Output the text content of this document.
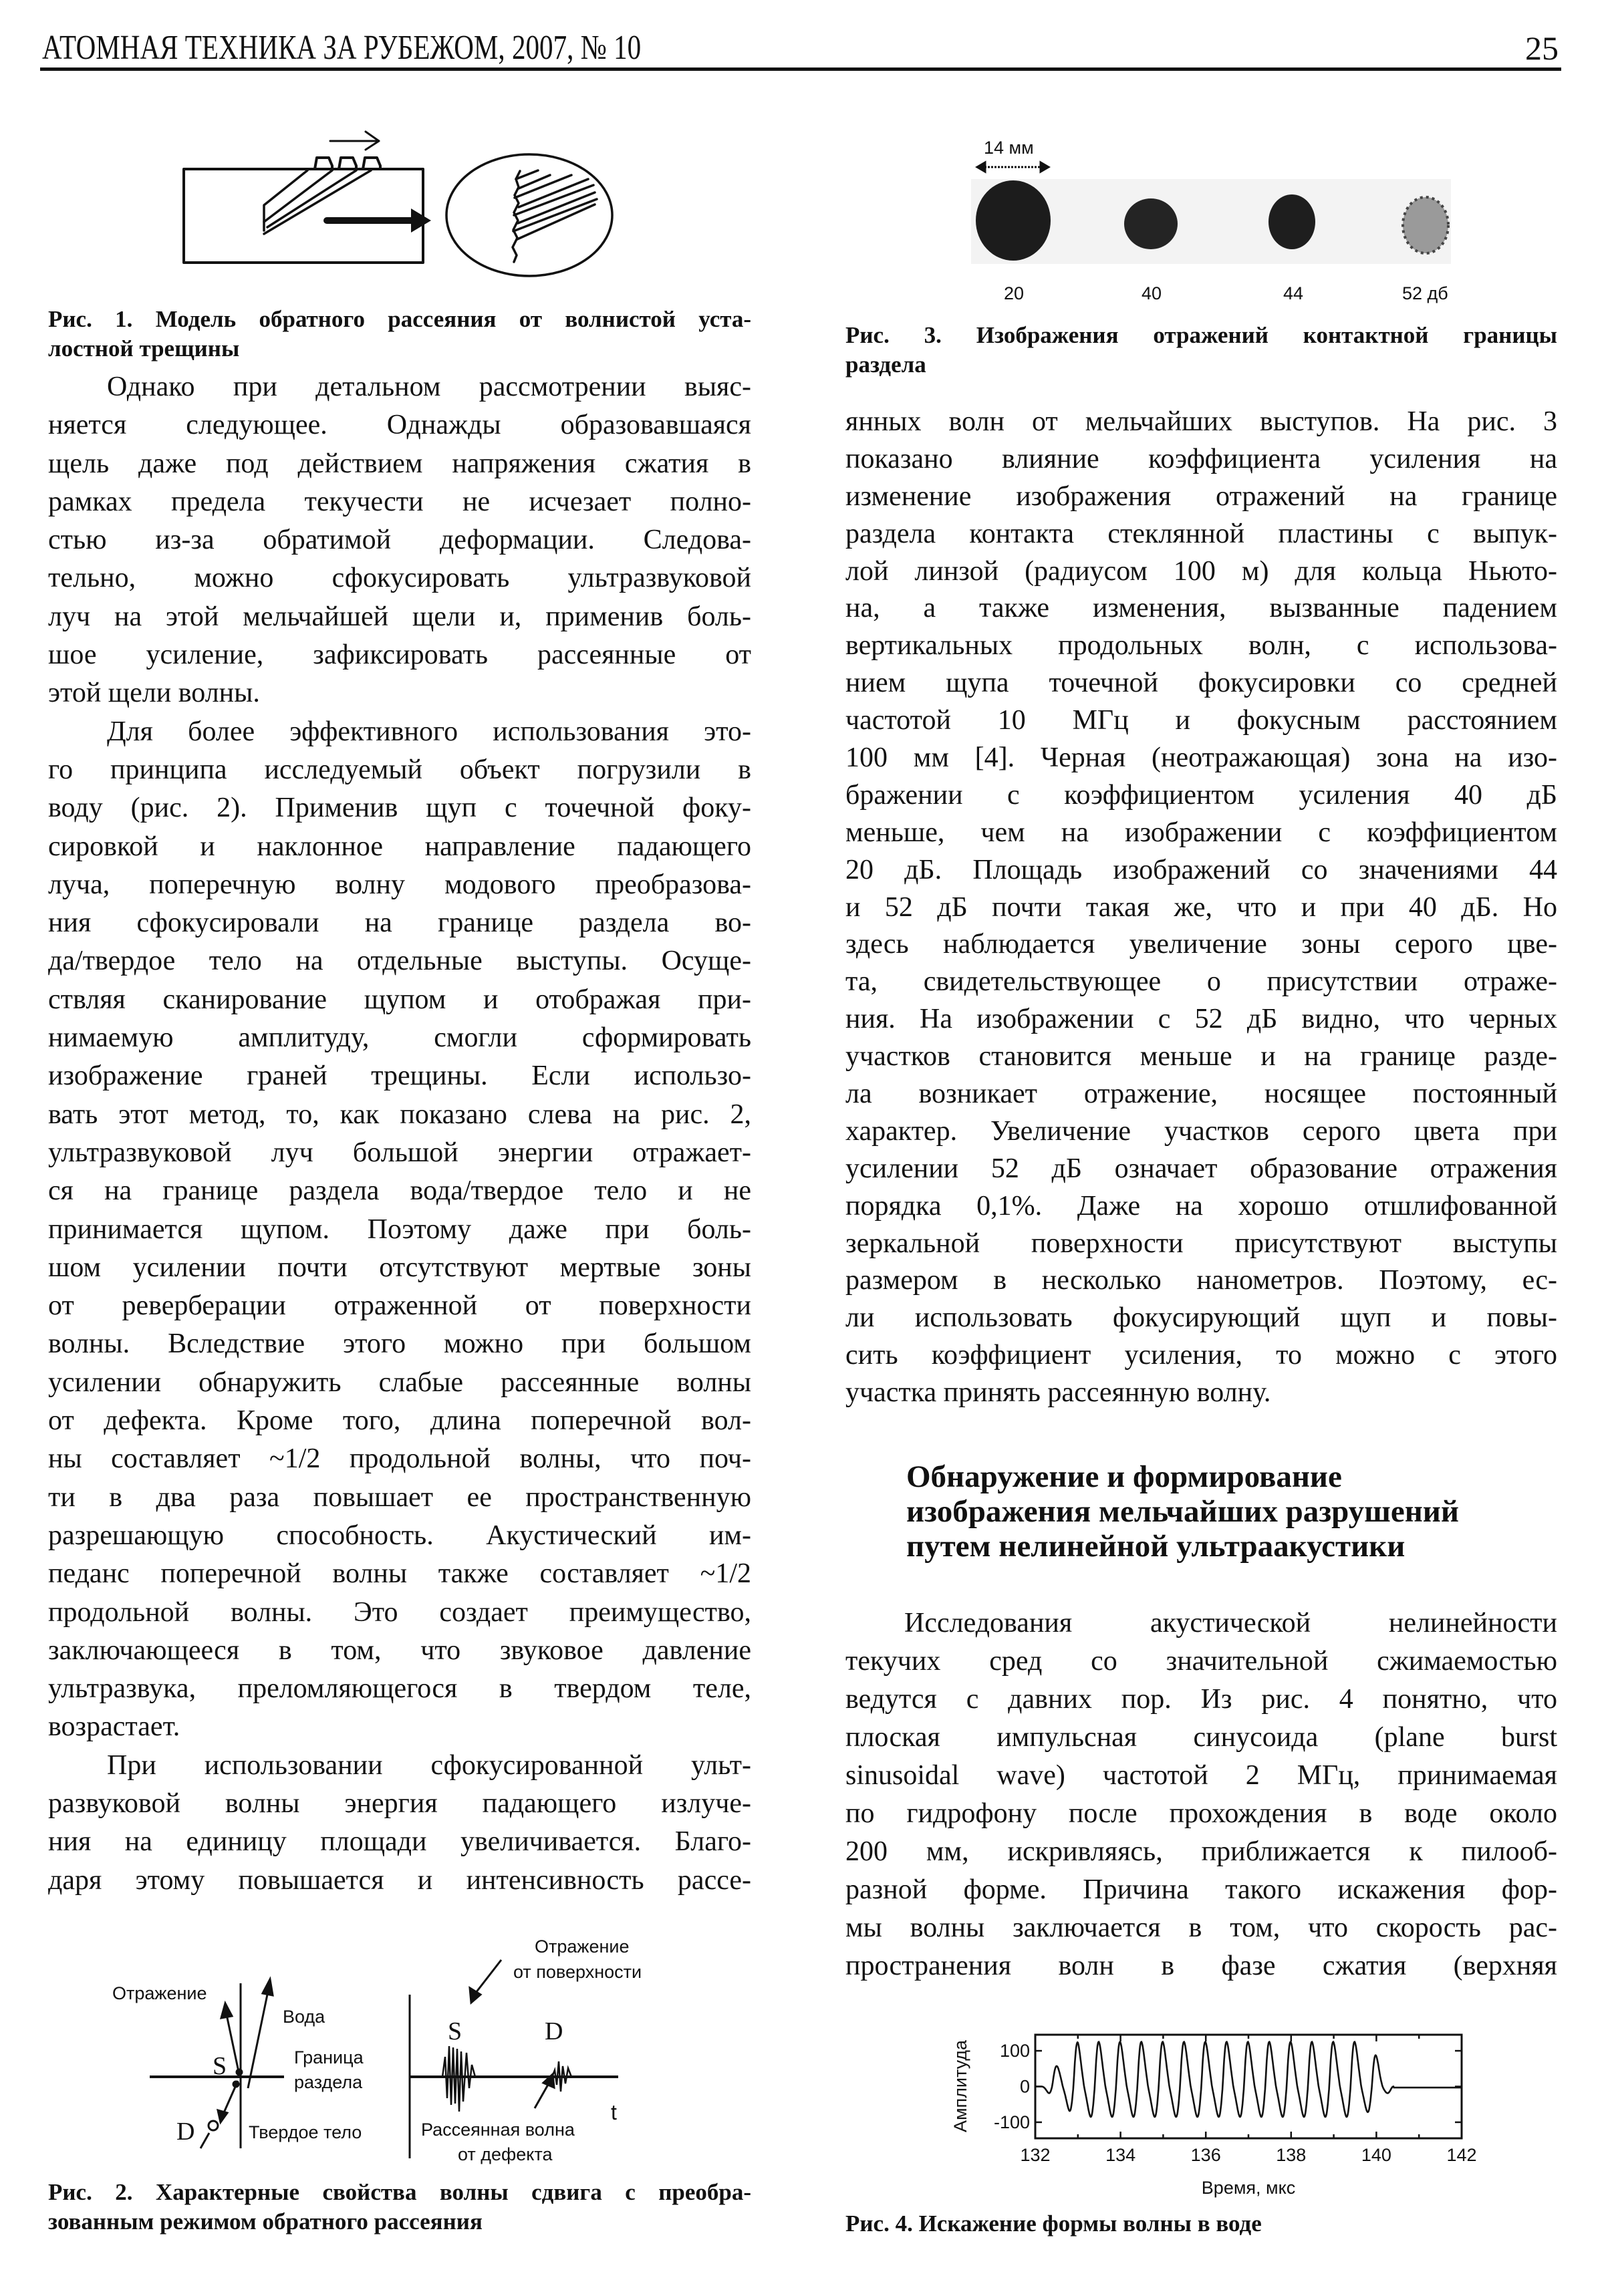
АТОМНАЯ ТЕХНИКА ЗА РУБЕЖОМ, 2007, № 10	25
14 мм
20	40	44	52 дб
Отражение
Вода
S	Граница
раздела
D	Твердое тело
Отражение
от поверхности
S	D
t
Рассеянная волна
от дефекта	132	134	136	138	140	142
100
0
-100
Время, мкс
Амплитуда
Рис. 1. Модель обратного рассеяния от волнистой уста-
лостной трещины
Рис. 3. Изображения отражений контактной границы
раздела
Рис. 2. Характерные свойства волны сдвига с преобра-
зованным режимом обратного рассеяния	Рис. 4. Искажение формы волны в воде
Однако при детальном рассмотрении выяс-
няется следующее. Однажды образовавшаяся
щель даже под действием напряжения сжатия в
рамках предела текучести не исчезает полно-
стью из-за обратимой деформации. Следова-
тельно, можно сфокусировать ультразвуковой
луч на этой мельчайшей щели и, применив боль-
шое усиление, зафиксировать рассеянные от
этой щели волны.
Для более эффективного использования это-
го принципа исследуемый объект погрузили в
воду (рис. 2). Применив щуп с точечной фоку-
сировкой и наклонное направление падающего
луча, поперечную волну модового преобразова-
ния сфокусировали на границе раздела во-
да/твердое тело на отдельные выступы. Осуще-
ствляя сканирование щупом и отображая при-
нимаемую амплитуду, смогли сформировать
изображение граней трещины. Если использо-
вать этот метод, то, как показано слева на рис. 2,
ультразвуковой луч большой энергии отражает-
ся на границе раздела вода/твердое тело и не
принимается щупом. Поэтому даже при боль-
шом усилении почти отсутствуют мертвые зоны
от реверберации отраженной от поверхности
волны. Вследствие этого можно при большом
усилении обнаружить слабые рассеянные волны
от дефекта. Кроме того, длина поперечной вол-
ны составляет ~1/2 продольной волны, что поч-
ти в два раза повышает ее пространственную
разрешающую способность. Акустический им-
педанс поперечной волны также составляет ~1/2
продольной волны. Это создает преимущество,
заключающееся в том, что звуковое давление
ультразвука, преломляющегося в твердом теле,
возрастает.
При использовании сфокусированной ульт-
развуковой волны энергия падающего излуче-
ния на единицу площади увеличивается. Благо-
даря этому повышается и интенсивность рассе-
янных волн от мельчайших выступов. На рис. 3
показано влияние коэффициента усиления на
изменение изображения отражений на границе
раздела контакта стеклянной пластины с выпук-
лой линзой (радиусом 100 м) для кольца Ньюто-
на, а также изменения, вызванные падением
вертикальных продольных волн, с использова-
нием щупа точечной фокусировки со средней
частотой 10 МГц и фокусным расстоянием
100 мм [4]. Черная (неотражающая) зона на изо-
бражении с коэффициентом усиления 40 дБ
меньше, чем на изображении с коэффициентом
20 дБ. Площадь изображений со значениями 44
и 52 дБ почти такая же, что и при 40 дБ. Но
здесь наблюдается увеличение зоны серого цве-
та, свидетельствующее о присутствии отраже-
ния. На изображении с 52 дБ видно, что черных
участков становится меньше и на границе разде-
ла возникает отражение, носящее постоянный
характер. Увеличение участков серого цвета при
усилении 52 дБ означает образование отражения
порядка 0,1%. Даже на хорошо отшлифованной
зеркальной поверхности присутствуют выступы
размером в несколько нанометров. Поэтому, ес-
ли использовать фокусирующий щуп и повы-
сить коэффициент усиления, то можно с этого
участка принять рассеянную волну.
Обнаружение и формирование
изображения мельчайших разрушений
путем нелинейной ультраакустики
Исследования акустической нелинейности
текучих сред со значительной сжимаемостью
ведутся с давних пор. Из рис. 4 понятно, что
плоская импульсная синусоида (plane burst
sinusoidal wave) частотой 2 МГц, принимаемая
по гидрофону после прохождения в воде около
200 мм, искривляясь, приближается к пилооб-
разной форме. Причина такого искажения фор-
мы волны заключается в том, что скорость рас-
пространения волн в фазе сжатия (верхняя
